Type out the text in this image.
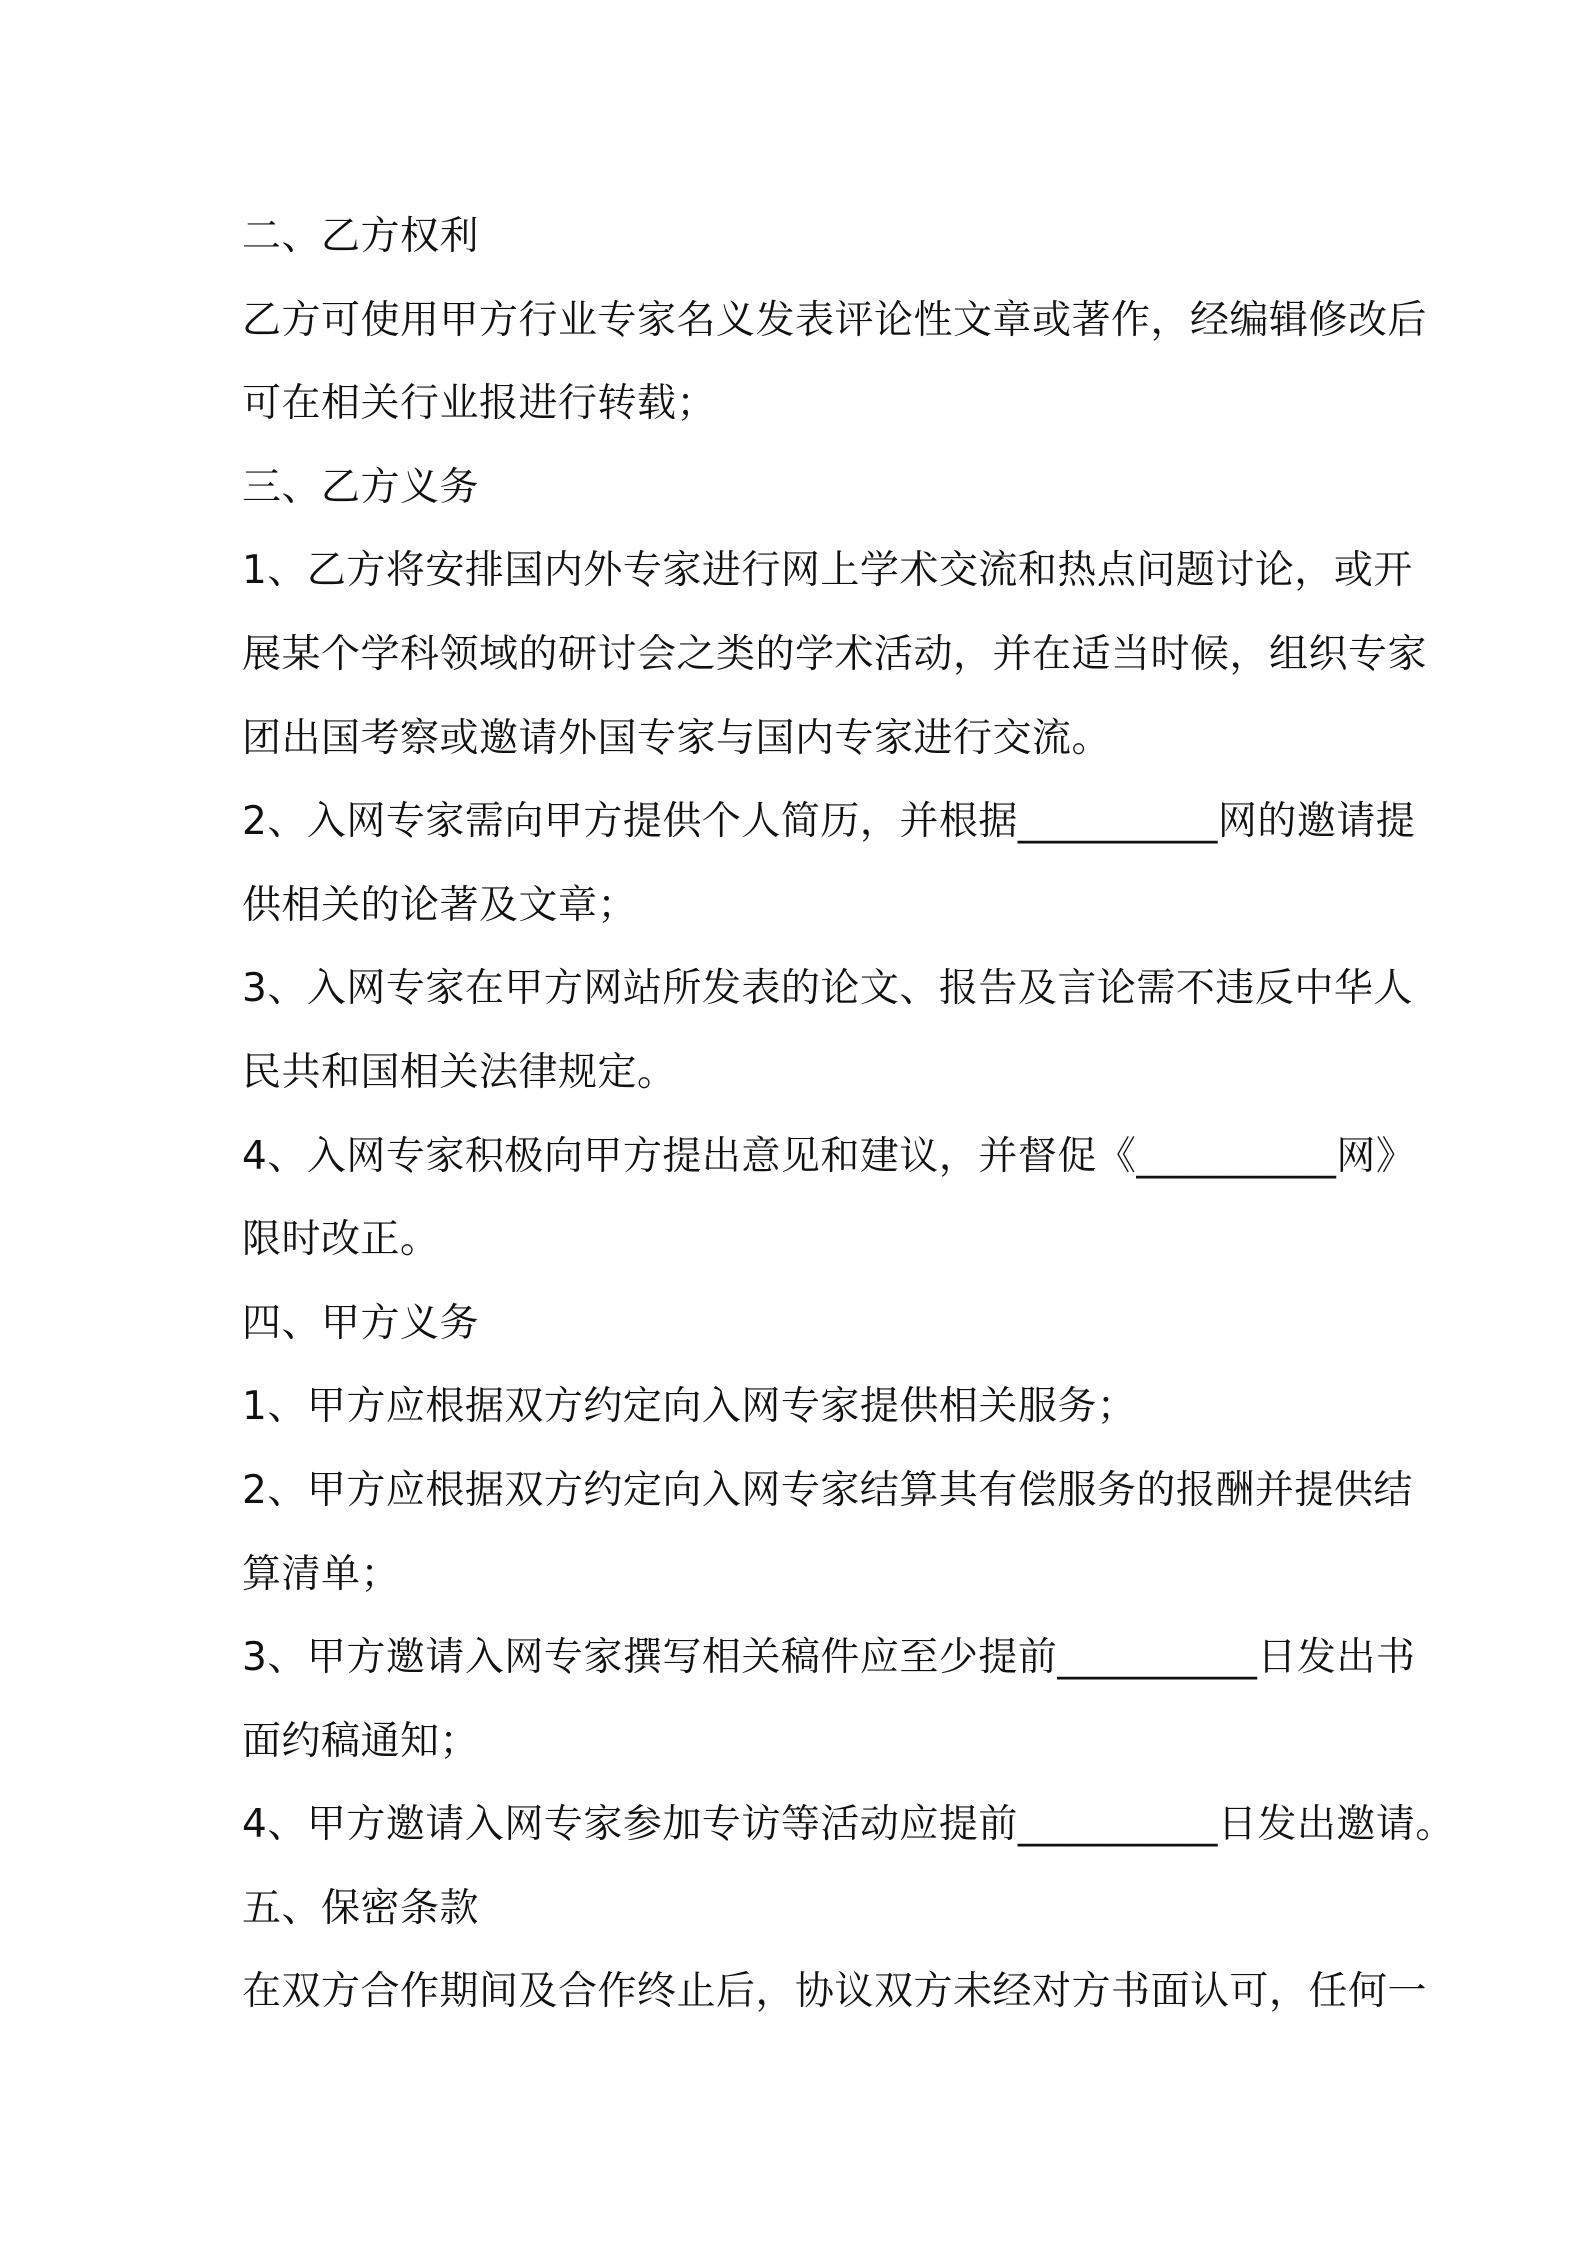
二、乙方权利
乙方可使用甲方行业专家名义发表评论性文章或著作，经编辑修改后
可在相关行业报进行转载；
三、乙方义务
1、乙方将安排国内外专家进行网上学术交流和热点问题讨论，或开
展某个学科领域的研讨会之类的学术活动，并在适当时候，组织专家
团出国考察或邀请外国专家与国内专家进行交流。
2、入网专家需向甲方提供个人简历，并根据__________网的邀请提
供相关的论著及文章；
3、入网专家在甲方网站所发表的论文、报告及言论需不违反中华人
民共和国相关法律规定。
4、入网专家积极向甲方提出意见和建议，并督促《__________网》
限时改正。
四、甲方义务
1、甲方应根据双方约定向入网专家提供相关服务；
2、甲方应根据双方约定向入网专家结算其有偿服务的报酬并提供结
算清单；
3、甲方邀请入网专家撰写相关稿件应至少提前__________日发出书
面约稿通知；
4、甲方邀请入网专家参加专访等活动应提前__________日发出邀请。
五、保密条款
在双方合作期间及合作终止后，协议双方未经对方书面认可，任何一
